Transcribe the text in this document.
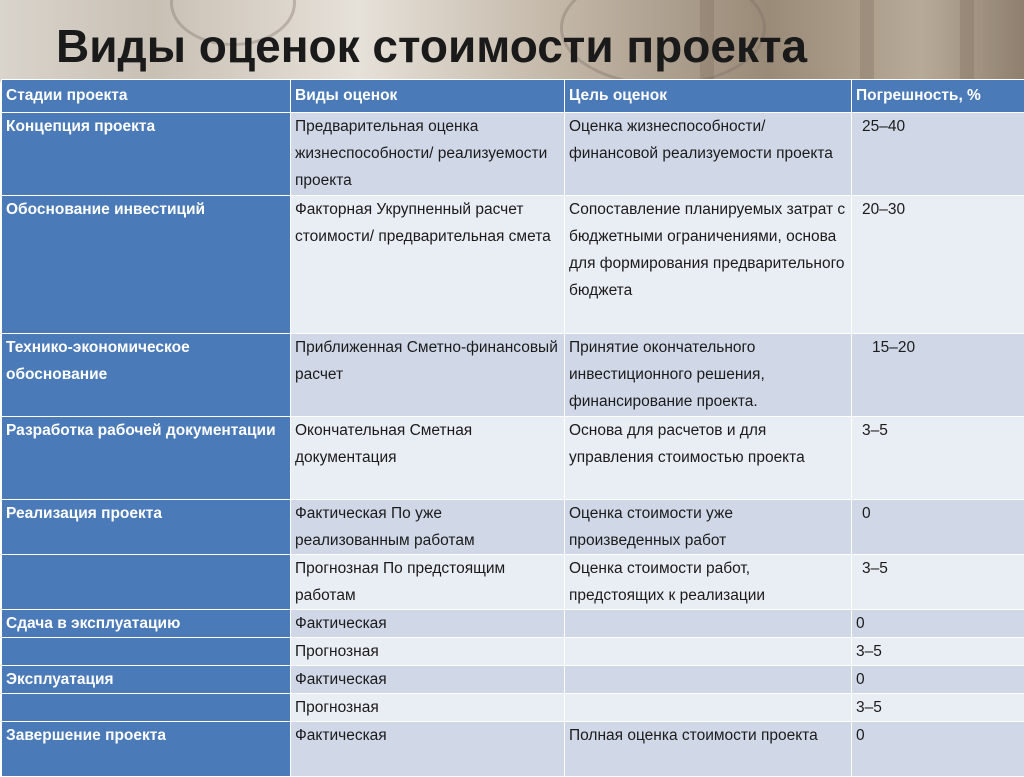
Виды оценок стоимости проекта
Стадии проекта	Виды оценок	Цель оценок	Погрешность, %
Концепция проекта	Предварительная оценка жизнеспособности/ реализуемости проекта	Оценка жизнеспособности/ финансовой реализуемости проекта	25–40
Обоснование инвестиций	Факторная Укрупненный расчет стоимости/ предварительная смета	Сопоставление планируемых затрат с бюджетными ограничениями, основа для формирования предварительного бюджета	20–30
Технико-экономическое обоснование	Приближенная Сметно-финансовый расчет	Принятие окончательного инвестиционного решения, финансирование проекта.	15–20
Разработка рабочей документации	Окончательная Сметная документация	Основа для расчетов и для управления стоимостью проекта	3–5
Реализация проекта	Фактическая По уже реализованным работам	Оценка стоимости уже произведенных работ	0
	Прогнозная По предстоящим работам	Оценка стоимости работ, предстоящих к реализации	3–5
Сдача в эксплуатацию	Фактическая		0
	Прогнозная		3–5
Эксплуатация	Фактическая		0
	Прогнозная		3–5
Завершение проекта	Фактическая	Полная оценка стоимости проекта	0
